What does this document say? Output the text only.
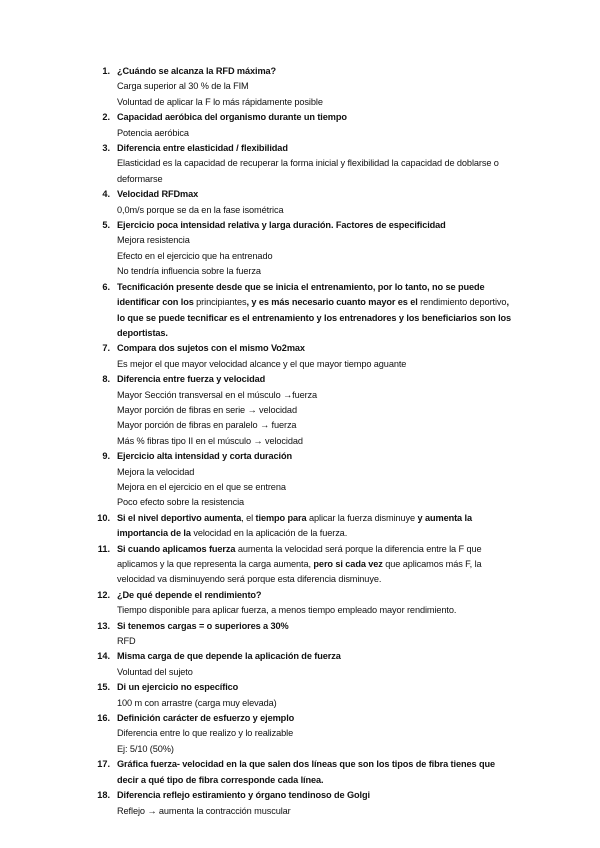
1. ¿Cuándo se alcanza la RFD máxima?
Carga superior al 30 % de la FIM
Voluntad de aplicar la F lo más rápidamente posible
2. Capacidad aeróbica del organismo durante un tiempo
Potencia aeróbica
3. Diferencia entre elasticidad / flexibilidad
Elasticidad es la capacidad de recuperar la forma inicial y flexibilidad la capacidad de doblarse o deformarse
4. Velocidad RFDmax
0,0m/s porque se da en la fase isométrica
5. Ejercicio poca intensidad relativa y larga duración. Factores de especificidad
Mejora resistencia
Efecto en el ejercicio que ha entrenado
No tendría influencia sobre la fuerza
6. Tecnificación presente desde que se inicia el entrenamiento, por lo tanto, no se puede identificar con los principiantes, y es más necesario cuanto mayor es el rendimiento deportivo, lo que se puede tecnificar es el entrenamiento y los entrenadores y los beneficiarios son los deportistas.
7. Compara dos sujetos con el mismo Vo2max
Es mejor el que mayor velocidad alcance y el que mayor tiempo aguante
8. Diferencia entre fuerza y velocidad
Mayor Sección transversal en el músculo →fuerza
Mayor porción de fibras en serie → velocidad
Mayor porción de fibras en paralelo → fuerza
Más % fibras tipo II en el músculo → velocidad
9. Ejercicio alta intensidad y corta duración
Mejora la velocidad
Mejora en el ejercicio en el que se entrena
Poco efecto sobre la resistencia
10. Si el nivel deportivo aumenta, el tiempo para aplicar la fuerza disminuye y aumenta la importancia de la velocidad en la aplicación de la fuerza.
11. Si cuando aplicamos fuerza aumenta la velocidad será porque la diferencia entre la F que aplicamos y la que representa la carga aumenta, pero si cada vez que aplicamos más F, la velocidad va disminuyendo será porque esta diferencia disminuye.
12. ¿De qué depende el rendimiento?
Tiempo disponible para aplicar fuerza, a menos tiempo empleado mayor rendimiento.
13. Si tenemos cargas = o superiores a 30%
RFD
14. Misma carga de que depende la aplicación de fuerza
Voluntad del sujeto
15. Di un ejercicio no específico
100 m con arrastre (carga muy elevada)
16. Definición carácter de esfuerzo y ejemplo
Diferencia entre lo que realizo y lo realizable
Ej: 5/10 (50%)
17. Gráfica fuerza- velocidad en la que salen dos líneas que son los tipos de fibra tienes que decir a qué tipo de fibra corresponde cada línea.
18. Diferencia reflejo estiramiento y órgano tendinoso de Golgi
Reflejo → aumenta la contracción muscular
